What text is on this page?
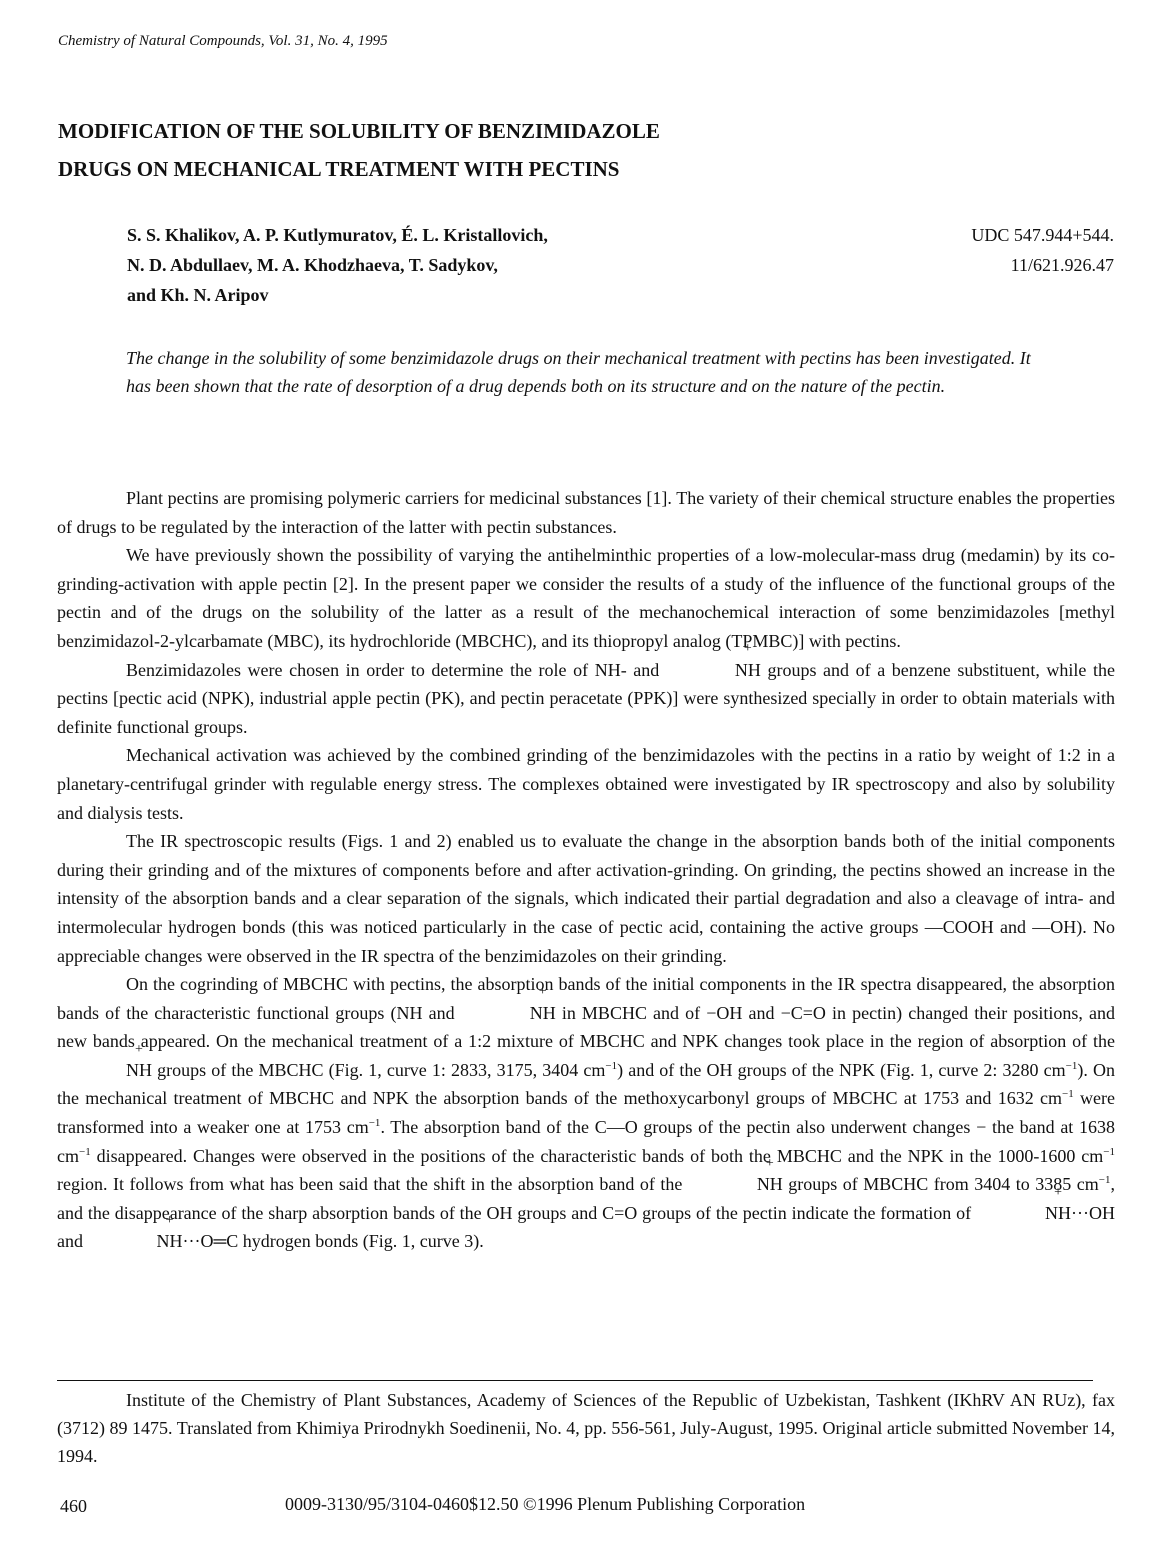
Chemistry of Natural Compounds, Vol. 31, No. 4, 1995
MODIFICATION OF THE SOLUBILITY OF BENZIMIDAZOLE
DRUGS ON MECHANICAL TREATMENT WITH PECTINS
S. S. Khalikov, A. P. Kutlymuratov, É. L. Kristallovich,
N. D. Abdullaev, M. A. Khodzhaeva, T. Sadykov,
and Kh. N. Aripov
UDC 547.944+544.
11/621.926.47
The change in the solubility of some benzimidazole drugs on their mechanical treatment with pectins has been investigated. It has been shown that the rate of desorption of a drug depends both on its structure and on the nature of the pectin.

Plant pectins are promising polymeric carriers for medicinal substances [1]. The variety of their chemical structure enables the properties of drugs to be regulated by the interaction of the latter with pectin substances.

We have previously shown the possibility of varying the antihelminthic properties of a low-molecular-mass drug (medamin) by its co-grinding-activation with apple pectin [2]. In the present paper we consider the results of a study of the influence of the functional groups of the pectin and of the drugs on the solubility of the latter as a result of the mechanochemical interaction of some benzimidazoles [methyl benzimidazol-2-ylcarbamate (MBC), its hydrochloride (MBCHC), and its thiopropyl analog (TPMBC)] with pectins.

Benzimidazoles were chosen in order to determine the role of NH- and	+ NH groups and of a benzene substituent, while the pectins [pectic acid (NPK), industrial apple pectin (PK), and pectin peracetate (PPK)] were synthesized specially in order to obtain materials with definite functional groups.

Mechanical activation was achieved by the combined grinding of the benzimidazoles with the pectins in a ratio by weight of 1:2 in a planetary-centrifugal grinder with regulable energy stress. The complexes obtained were investigated by IR spectroscopy and also by solubility and dialysis tests.

The IR spectroscopic results (Figs. 1 and 2) enabled us to evaluate the change in the absorption bands both of the initial components during their grinding and of the mixtures of components before and after activation-grinding. On grinding, the pectins showed an increase in the intensity of the absorption bands and a clear separation of the signals, which indicated their partial degradation and also a cleavage of intra- and intermolecular hydrogen bonds (this was noticed particularly in the case of pectic acid, containing the active groups —COOH and —OH). No appreciable changes were observed in the IR spectra of the benzimidazoles on their grinding.

On the cogrinding of MBCHC with pectins, the absorption bands of the initial components in the IR spectra disappeared, the absorption bands of the characteristic functional groups (NH and	+ NH in MBCHC and of −OH and −C=O in pectin) changed their positions, and new bands appeared. On the mechanical treatment of a 1:2 mixture of MBCHC and NPK changes took place in the region of absorption of the + NH groups of the MBCHC (Fig. 1, curve 1: 2833, 3175, 3404 $cm^{-1}$) and of the OH groups of the NPK (Fig. 1, curve 2: 3280 $cm^{-1}$). On the mechanical treatment of MBCHC and NPK the absorption bands of the methoxycarbonyl groups of MBCHC at 1753 and 1632 $cm^{-1}$ were transformed into a weaker one at 1753 $cm^{-1}$. The absorption band of the C—O groups of the pectin also underwent changes − the band at 1638 $cm^{-1}$ disappeared. Changes were observed in the positions of the characteristic bands of both the MBCHC and the NPK in the 1000-1600 $cm^{-1}$ region. It follows from what has been said that the shift in the absorption band of the	+ NH groups of MBCHC from 3404 to 3385 $cm^{-1}$, and the disappearance of the sharp absorption bands of the OH groups and C=O groups of the pectin indicate the formation of	+ NH···OH and	+ NH···O═C hydrogen bonds (Fig. 1, curve 3).

Institute of the Chemistry of Plant Substances, Academy of Sciences of the Republic of Uzbekistan, Tashkent (IKhRV AN RUz), fax (3712) 89 1475. Translated from Khimiya Prirodnykh Soedinenii, No. 4, pp. 556-561, July-August, 1995. Original article submitted November 14, 1994.

460	0009-3130/95/3104-0460$12.50 ©1996 Plenum Publishing Corporation
